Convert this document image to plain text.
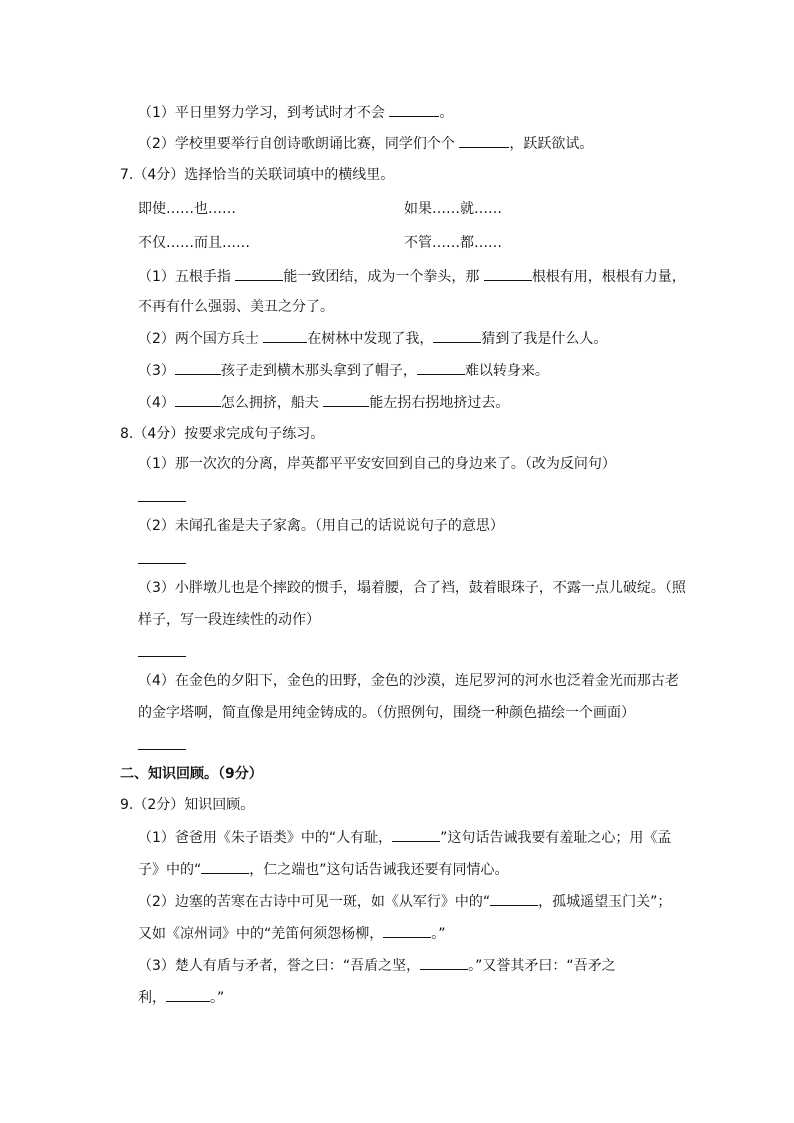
（1）平日里努力学习，到考试时才不会	。
（2）学校里要举行自创诗歌朗诵比赛，同学们个个	，跃跃欲试。
7.（4分）选择恰当的关联词填中的横线里。
即使……也……	如果……就……
不仅……而且……	不管……都……
（1）五根手指	能一致团结，成为一个拳头，那	根根有用，根根有力量，
不再有什么强弱、美丑之分了。
（2）两个国方兵士	在树林中发现了我，	猜到了我是什么人。
（3）	孩子走到横木那头拿到了帽子，	难以转身来。
（4）	怎么拥挤，船夫	能左拐右拐地挤过去。
8.（4分）按要求完成句子练习。
（1）那一次次的分离，岸英都平平安安回到自己的身边来了。（改为反问句）
（2）未闻孔雀是夫子家禽。（用自己的话说说句子的意思）
（3）小胖墩儿也是个摔跤的惯手，塌着腰，合了裆，鼓着眼珠子，不露一点儿破绽。（照
样子，写一段连续性的动作）
（4）在金色的夕阳下，金色的田野，金色的沙漠，连尼罗河的河水也泛着金光而那古老
的金字塔啊，简直像是用纯金铸成的。（仿照例句，围绕一种颜色描绘一个画面）
二、知识回顾。（9分）
9.（2分）知识回顾。
（1）爸爸用《朱子语类》中的“人有耻，	”这句话告诫我要有羞耻之心；用《孟
子》中的“	，仁之端也”这句话告诫我还要有同情心。
（2）边塞的苦寒在古诗中可见一斑，如《从军行》中的“	，孤城遥望玉门关”；
又如《凉州词》中的“羌笛何须怨杨柳，	。”
（3）楚人有盾与矛者，誉之曰：“吾盾之坚，	。”又誉其矛曰：“吾矛之
利，	。”
